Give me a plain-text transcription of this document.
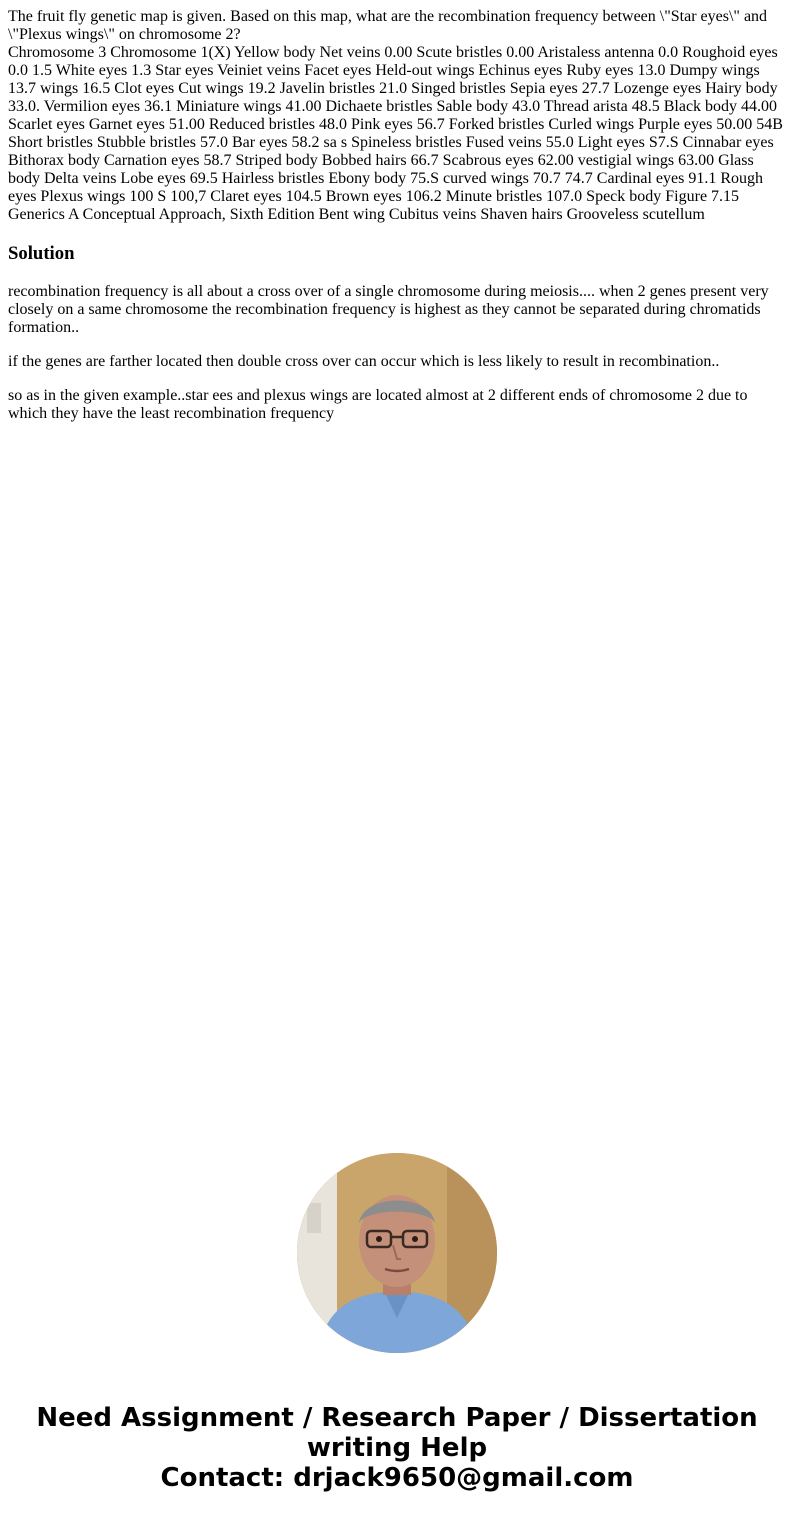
The fruit fly genetic map is given. Based on this map, what are the recombination frequency between \"Star eyes\" and \"Plexus wings\" on chromosome 2?
Chromosome 3 Chromosome 1(X) Yellow body Net veins 0.00 Scute bristles 0.00 Aristaless antenna 0.0 Roughoid eyes 0.0 1.5 White eyes 1.3 Star eyes Veiniet veins Facet eyes Held-out wings Echinus eyes Ruby eyes 13.0 Dumpy wings 13.7 wings 16.5 Clot eyes Cut wings 19.2 Javelin bristles 21.0 Singed bristles Sepia eyes 27.7 Lozenge eyes Hairy body 33.0. Vermilion eyes 36.1 Miniature wings 41.00 Dichaete bristles Sable body 43.0 Thread arista 48.5 Black body 44.00 Scarlet eyes Garnet eyes 51.00 Reduced bristles 48.0 Pink eyes 56.7 Forked bristles Curled wings Purple eyes 50.00 54B Short bristles Stubble bristles 57.0 Bar eyes 58.2 sa s Spineless bristles Fused veins 55.0 Light eyes S7.S Cinnabar eyes Bithorax body Carnation eyes 58.7 Striped body Bobbed hairs 66.7 Scabrous eyes 62.00 vestigial wings 63.00 Glass body Delta veins Lobe eyes 69.5 Hairless bristles Ebony body 75.S curved wings 70.7 74.7 Cardinal eyes 91.1 Rough eyes Plexus wings 100 S 100,7 Claret eyes 104.5 Brown eyes 106.2 Minute bristles 107.0 Speck body Figure 7.15 Generics A Conceptual Approach, Sixth Edition Bent wing Cubitus veins Shaven hairs Grooveless scutellum
Solution

recombination frequency is all about a cross over of a single chromosome during meiosis.... when 2 genes present very closely on a same chromosome the recombination frequency is highest as they cannot be separated during chromatids formation..

if the genes are farther located then double cross over can occur which is less likely to result in recombination..

so as in the given example..star ees and plexus wings are located almost at 2 different ends of chromosome 2 due to which they have the least recombination frequency

Need Assignment / Research Paper / Dissertation writing Help
Contact: drjack9650@gmail.com
